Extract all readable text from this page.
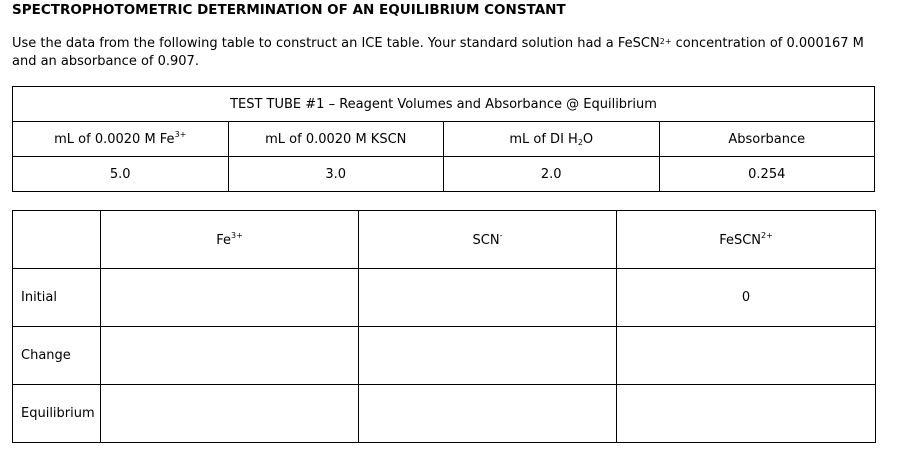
SPECTROPHOTOMETRIC DETERMINATION OF AN EQUILIBRIUM CONSTANT
Use the data from the following table to construct an ICE table. Your standard solution had a FeSCN$^{2+}$ concentration of 0.000167 M
and an absorbance of 0.907.
TEST TUBE #1 – Reagent Volumes and Absorbance @ Equilibrium			
mL of 0.0020 M $Fe^{3+}$	mL of 0.0020 M KSCN	mL of DI $H_2O$	Absorbance
5.0	3.0	2.0	0.254
	$Fe^{3+}$	SCN-	FeSCN$^{2+}$
Initial			0
Change			
Equilibrium			
